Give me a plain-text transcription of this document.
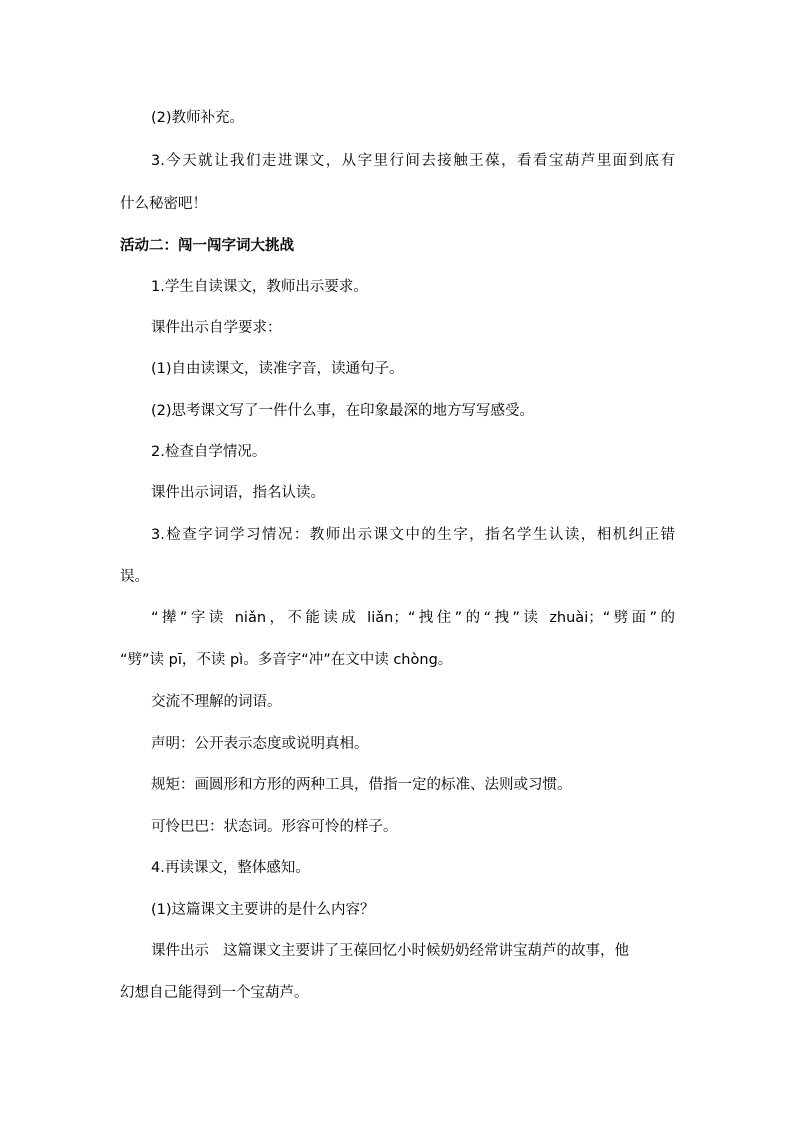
(2)教师补充。
3.今天就让我们走进课文，从字里行间去接触王葆，看看宝葫芦里面到底有
什么秘密吧！
活动二：闯一闯字词大挑战
1.学生自读课文，教师出示要求。
课件出示自学要求：
(1)自由读课文，读准字音，读通句子。
(2)思考课文写了一件什么事，在印象最深的地方写写感受。
2.检查自学情况。
课件出示词语，指名认读。
3.检查字词学习情况：教师出示课文中的生字，指名学生认读，相机纠正错
误。
“撵”字读 niǎn，不能读成 liǎn；“拽住”的“拽”读 zhuài；“劈面”的
“劈”读 pī，不读 pì。多音字“冲”在文中读 chòng。
交流不理解的词语。
声明：公开表示态度或说明真相。
规矩：画圆形和方形的两种工具，借指一定的标准、法则或习惯。
可怜巴巴：状态词。形容可怜的样子。
4.再读课文，整体感知。
(1)这篇课文主要讲的是什么内容？
课件出示 这篇课文主要讲了王葆回忆小时候奶奶经常讲宝葫芦的故事，他
幻想自己能得到一个宝葫芦。
